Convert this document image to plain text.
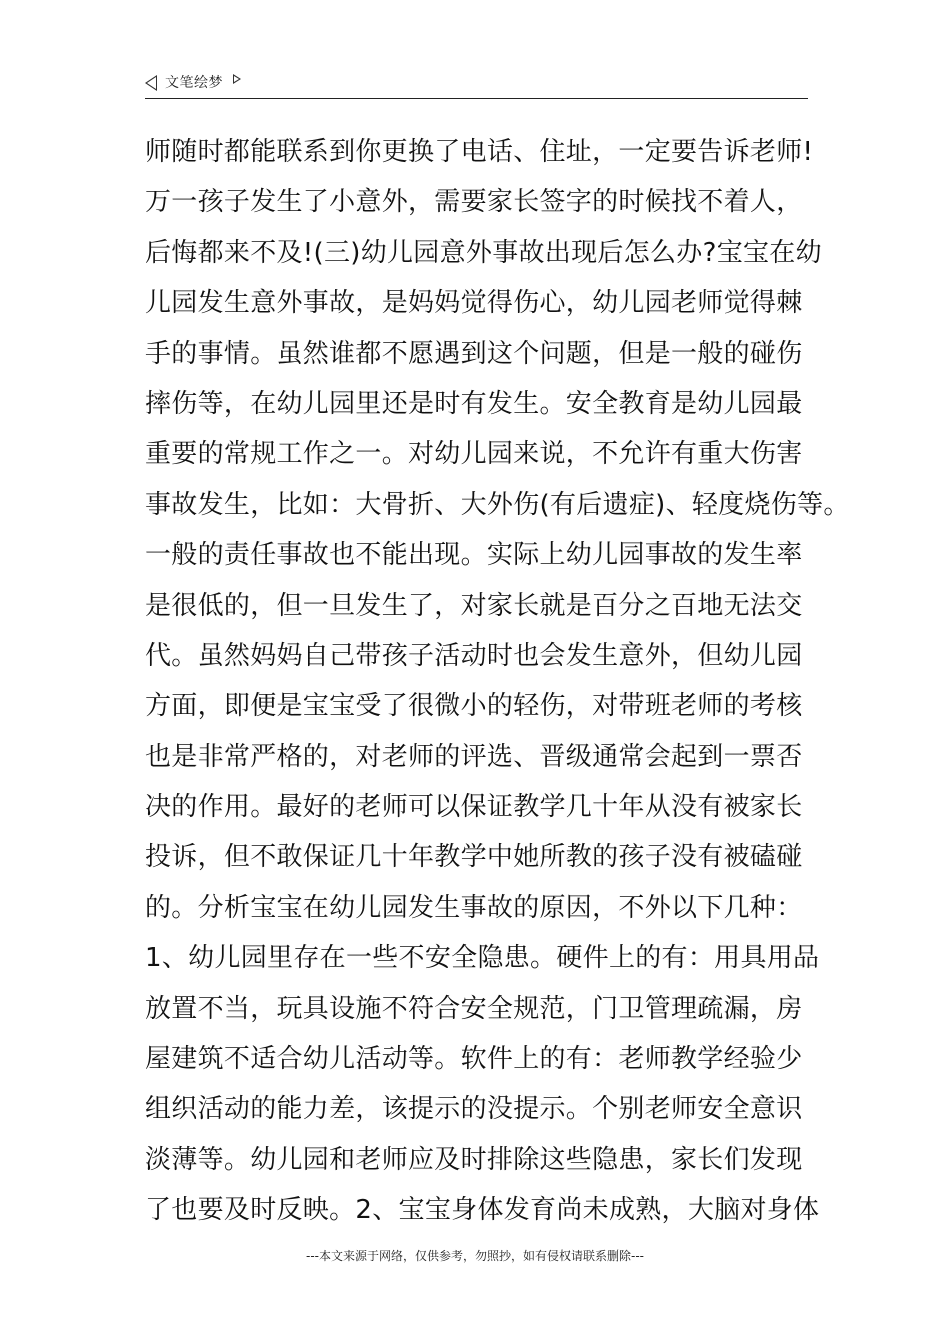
文笔绘梦
师随时都能联系到你更换了电话、住址，一定要告诉老师!
万一孩子发生了小意外，需要家长签字的时候找不着人，
后悔都来不及!(三)幼儿园意外事故出现后怎么办?宝宝在幼
儿园发生意外事故，是妈妈觉得伤心，幼儿园老师觉得棘
手的事情。虽然谁都不愿遇到这个问题，但是一般的碰伤
摔伤等，在幼儿园里还是时有发生。安全教育是幼儿园最
重要的常规工作之一。对幼儿园来说，不允许有重大伤害
事故发生，比如：大骨折、大外伤(有后遗症)、轻度烧伤等。
一般的责任事故也不能出现。实际上幼儿园事故的发生率
是很低的，但一旦发生了，对家长就是百分之百地无法交
代。虽然妈妈自己带孩子活动时也会发生意外，但幼儿园
方面，即便是宝宝受了很微小的轻伤，对带班老师的考核
也是非常严格的，对老师的评选、晋级通常会起到一票否
决的作用。最好的老师可以保证教学几十年从没有被家长
投诉，但不敢保证几十年教学中她所教的孩子没有被磕碰
的。分析宝宝在幼儿园发生事故的原因，不外以下几种：
1、幼儿园里存在一些不安全隐患。硬件上的有：用具用品
放置不当，玩具设施不符合安全规范，门卫管理疏漏，房
屋建筑不适合幼儿活动等。软件上的有：老师教学经验少
组织活动的能力差，该提示的没提示。个别老师安全意识
淡薄等。幼儿园和老师应及时排除这些隐患，家长们发现
了也要及时反映。2、宝宝身体发育尚未成熟，大脑对身体
---本文来源于网络，仅供参考，勿照抄，如有侵权请联系删除---
